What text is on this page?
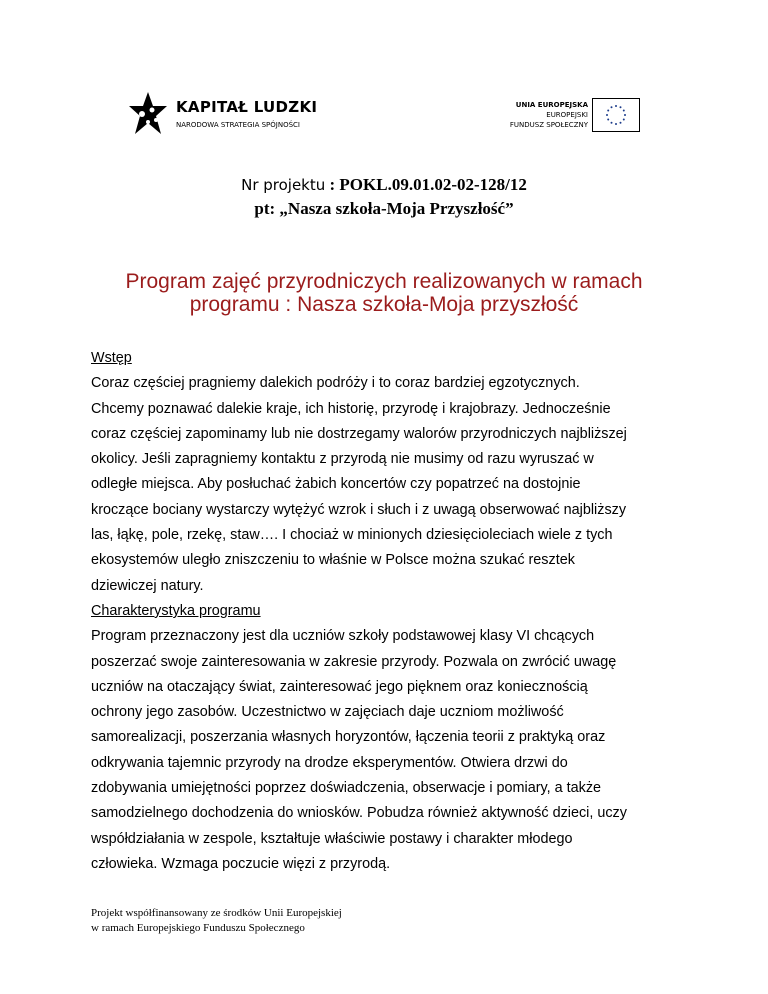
KAPITAŁ LUDZKI
NARODOWA STRATEGIA SPÓJNOŚCI
UNIA EUROPEJSKA
EUROPEJSKI
FUNDUSZ SPOŁECZNY
Nr projektu : POKL.09.01.02-02-128/12
pt: „Nasza szkoła-Moja Przyszłość”
Program zajęć przyrodniczych realizowanych w ramach
programu : Nasza szkoła-Moja przyszłość

Wstęp

Coraz częściej pragniemy dalekich podróży i to coraz bardziej egzotycznych.
Chcemy poznawać dalekie kraje, ich historię, przyrodę i krajobrazy. Jednocześnie
coraz częściej zapominamy lub nie dostrzegamy walorów przyrodniczych najbliższej
okolicy. Jeśli zapragniemy kontaktu z przyrodą nie musimy od razu wyruszać w
odległe miejsca. Aby posłuchać żabich koncertów czy popatrzeć na dostojnie
kroczące bociany wystarczy wytężyć wzrok i słuch i z uwagą obserwować najbliższy
las, łąkę, pole, rzekę, staw…. I chociaż w minionych dziesięcioleciach wiele z tych
ekosystemów uległo zniszczeniu to właśnie w Polsce można szukać resztek
dziewiczej natury.

Charakterystyka programu

Program przeznaczony jest dla uczniów szkoły podstawowej klasy VI chcących
poszerzać swoje zainteresowania w zakresie przyrody. Pozwala on zwrócić uwagę
uczniów na otaczający świat, zainteresować jego pięknem oraz koniecznością
ochrony jego zasobów. Uczestnictwo w zajęciach daje uczniom możliwość
samorealizacji, poszerzania własnych horyzontów, łączenia teorii z praktyką oraz
odkrywania tajemnic przyrody na drodze eksperymentów. Otwiera drzwi do
zdobywania umiejętności poprzez doświadczenia, obserwacje i pomiary, a także
samodzielnego dochodzenia do wniosków. Pobudza również aktywność dzieci, uczy
współdziałania w zespole, kształtuje właściwie postawy i charakter młodego
człowieka. Wzmaga poczucie więzi z przyrodą.
Projekt współfinansowany ze środków Unii Europejskiej
w ramach Europejskiego Funduszu Społecznego
